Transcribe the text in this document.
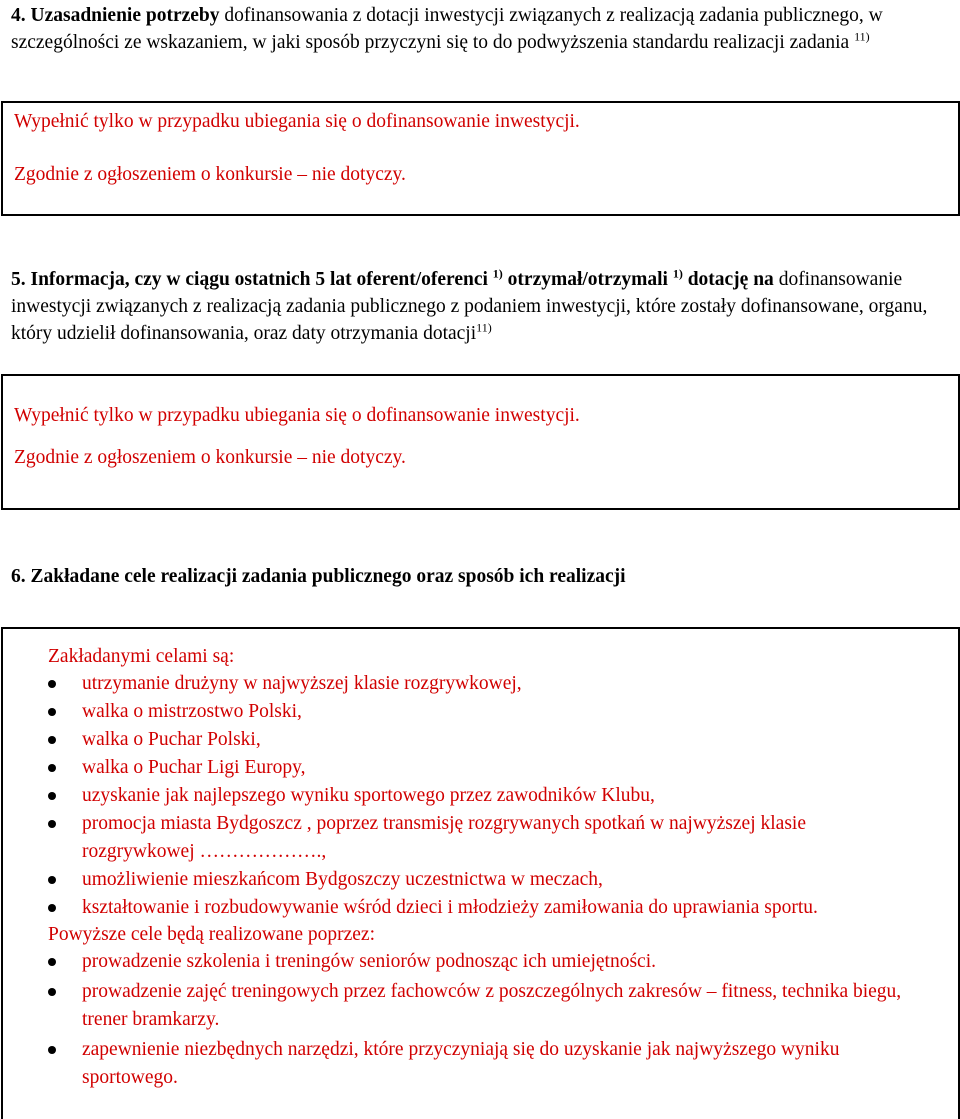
4. Uzasadnienie potrzeby dofinansowania z dotacji inwestycji związanych z realizacją zadania publicznego, w szczególności ze wskazaniem, w jaki sposób przyczyni się to do podwyższenia standardu realizacji zadania $^{11)}$

Wypełnić tylko w przypadku ubiegania się o dofinansowanie inwestycji.

Zgodnie z ogłoszeniem o konkursie – nie dotyczy.

5. Informacja, czy w ciągu ostatnich 5 lat oferent/oferenci $^{1)}$ otrzymał/otrzymali $^{1)}$ dotację na dofinansowanie inwestycji związanych z realizacją zadania publicznego z podaniem inwestycji, które zostały dofinansowane, organu, który udzielił dofinansowania, oraz daty otrzymania dotacji$^{11)}$

Wypełnić tylko w przypadku ubiegania się o dofinansowanie inwestycji.

Zgodnie z ogłoszeniem o konkursie – nie dotyczy.

6. Zakładane cele realizacji zadania publicznego oraz sposób ich realizacji

Zakładanymi celami są:

utrzymanie drużyny w najwyższej klasie rozgrywkowej,
walka o mistrzostwo Polski,
walka o Puchar Polski,
walka o Puchar Ligi Europy,
uzyskanie jak najlepszego wyniku sportowego przez zawodników Klubu,
promocja miasta Bydgoszcz , poprzez transmisję rozgrywanych spotkań w najwyższej klasie rozgrywkowej ……………….,
umożliwienie mieszkańcom Bydgoszczy uczestnictwa w meczach,
kształtowanie i rozbudowywanie wśród dzieci i młodzieży zamiłowania do uprawiania sportu.

Powyższe cele będą realizowane poprzez:

prowadzenie szkolenia i treningów seniorów podnosząc ich umiejętności.
prowadzenie zajęć treningowych przez fachowców z poszczególnych zakresów – fitness, technika biegu, trener bramkarzy.
zapewnienie niezbędnych narzędzi, które przyczyniają się do uzyskanie jak najwyższego wyniku sportowego.
